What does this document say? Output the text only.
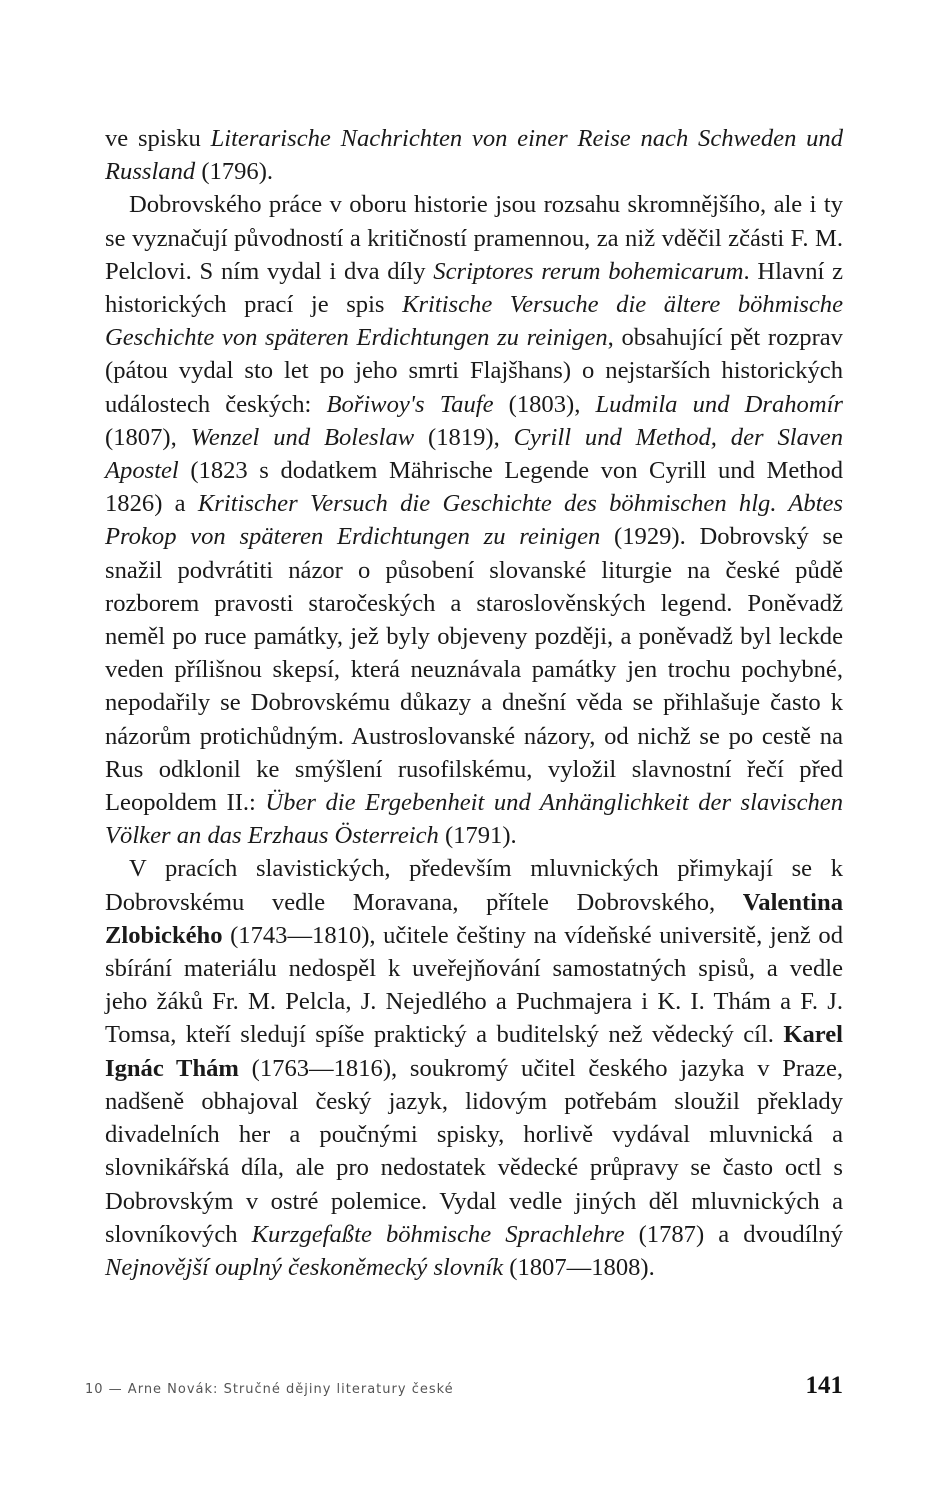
ve spisku Literarische Nachrichten von einer Reise nach Schweden und Russland (1796).

Dobrovského práce v oboru historie jsou rozsahu skromnějšího, ale i ty se vyznačují původností a kritičností pramennou, za niž vděčil zčásti F. M. Pelclovi. S ním vydal i dva díly Scriptores rerum bohemicarum. Hlavní z historických prací je spis Kritische Versuche die ältere böhmische Geschichte von späteren Erdichtungen zu reinigen, obsahující pět rozprav (pátou vydal sto let po jeho smrti Flajšhans) o nejstarších historických událostech českých: Bořiwoy's Taufe (1803), Ludmila und Drahomír (1807), Wenzel und Boleslaw (1819), Cyrill und Method, der Slaven Apostel (1823 s dodatkem Mährische Legende von Cyrill und Method 1826) a Kritischer Versuch die Geschichte des böhmischen hlg. Abtes Prokop von späteren Erdichtungen zu reinigen (1929). Dobrovský se snažil podvrátiti názor o působení slovanské liturgie na české půdě rozborem pravosti staročeských a staroslověnských legend. Poněvadž neměl po ruce památky, jež byly objeveny později, a poněvadž byl leckde veden přílišnou skepsí, která neuznávala památky jen trochu pochybné, nepodařily se Dobrovskému důkazy a dnešní věda se přihlašuje často k názorům protichůdným. Austroslovanské názory, od nichž se po cestě na Rus odklonil ke smýšlení rusofilskému, vyložil slavnostní řečí před Leopoldem II.: Über die Ergebenheit und Anhänglichkeit der slavischen Völker an das Erzhaus Österreich (1791).

V pracích slavistických, především mluvnických přimykají se k Dobrovskému vedle Moravana, přítele Dobrovského, Valentina Zlobického (1743—1810), učitele češtiny na vídeňské universitě, jenž od sbírání materiálu nedospěl k uveřejňování samostatných spisů, a vedle jeho žáků Fr. M. Pelcla, J. Nejedlého a Puchmajera i K. I. Thám a F. J. Tomsa, kteří sledují spíše praktický a buditelský než vědecký cíl. Karel Ignác Thám (1763—1816), soukromý učitel českého jazyka v Praze, nadšeně obhajoval český jazyk, lidovým potřebám sloužil překlady divadelních her a poučnými spisky, horlivě vydával mluvnická a slovnikářská díla, ale pro nedostatek vědecké průpravy se často octl s Dobrovským v ostré polemice. Vydal vedle jiných děl mluvnických a slovníkových Kurzgefaßte böhmische Sprachlehre (1787) a dvoudílný Nejnovější ouplný českoněmecký slovník (1807—1808).

10 — Arne Novák: Stručné dějiny literatury české	141
